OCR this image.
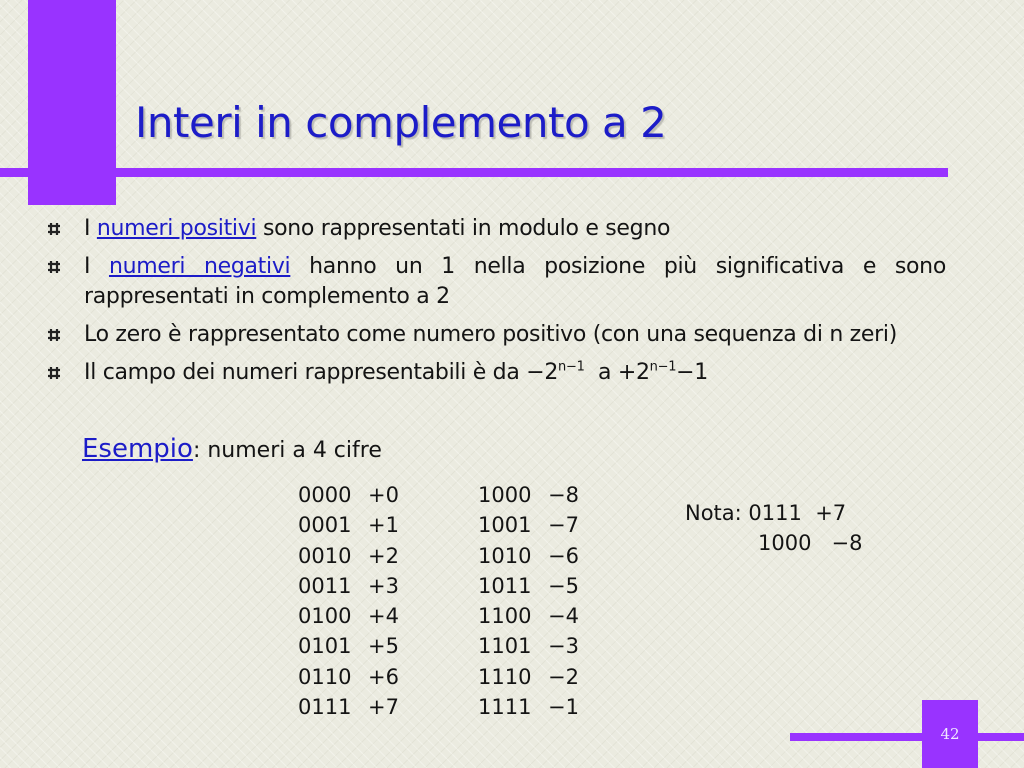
Interi in complemento a 2
I numeri positivi sono rappresentati in modulo e segno
I numeri negativi hanno un 1 nella posizione più significativa e sono rappresentati in complemento a 2
Lo zero è rappresentato come numero positivo (con una sequenza di n zeri)
Il campo dei numeri rappresentabili è da $-2^{n-1}$  $a +2^{n-1}-1$
Esempio: numeri a 4 cifre
0000 +0	1000 −8
0001 +1	1001 −7
0010 +2	1010 −6
0011 +3	1011 −5
0100 +4	1100 −4
0101 +5	1101 −3
0110 +6	1110 −2
0111 +7	1111 −1
Nota: 0111  +7
1000   −8
42
